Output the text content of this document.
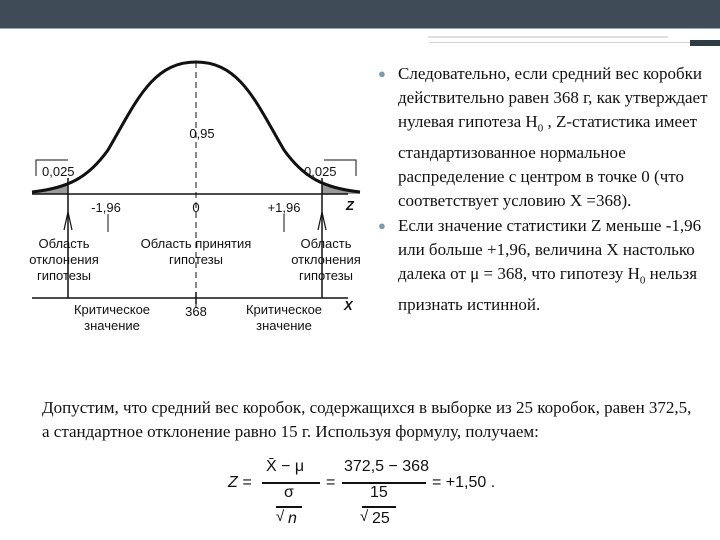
0,025	0,025
0,95
-1,96	0	+1,96	Z
Область
отклонения
гипотезы
Область принятия
гипотезы
Область
отклонения
гипотезы
X
Критическое
значение
368	Критическое
значение
● Следовательно, если средний вес коробки действительно равен 368 г, как утверждает нулевая гипотеза $H_0$ , Z-статистика имеет стандартизованное нормальное распределение с центром в точке 0 (что соответствует условию X =368).
● Если значение статистики Z меньше -1,96 или больше +1,96, величина X настолько далека от μ = 368, что гипотезу $H_0$ нельзя признать истинной.

Допустим, что средний вес коробок, содержащихся в выборке из 25 коробок, равен 372,5, а стандартное отклонение равно 15 г. Используя формулу, получаем:

Z =
X̄ − μ
σ
√ n
=
372,5 − 368
15
√ 25
= +1,50 .
